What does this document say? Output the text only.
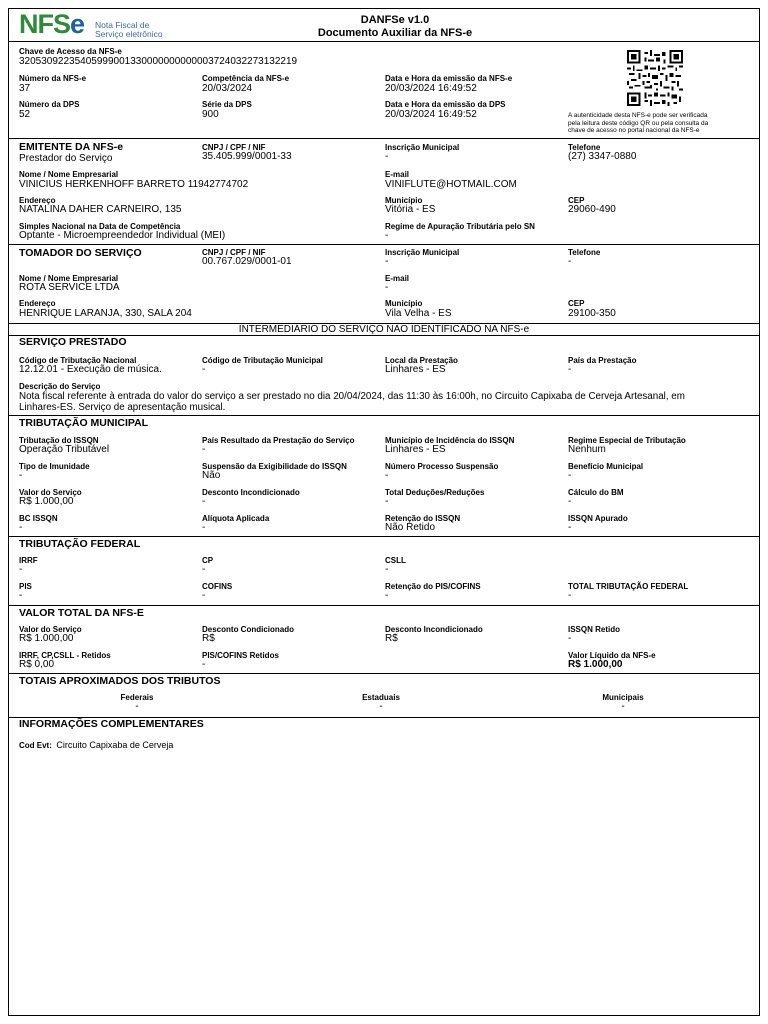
NFSe Nota Fiscal de
Serviço eletrônico
DANFSe v1.0
Documento Auxiliar da NFS-e
Chave de Acesso da NFS-e
32053092235405999001330000000000003724032273132219
Número da NFS-e
37
Competência da NFS-e
20/03/2024
Data e Hora da emissão da NFS-e
20/03/2024 16:49:52
Número da DPS
52
Série da DPS
900
Data e Hora da emissão da DPS
20/03/2024 16:49:52	A autenticidade desta NFS-e pode ser verificada
pela leitura deste código QR ou pela consulta da
chave de acesso no portal nacional da NFS-e
EMITENTE DA NFS-e
Prestador do Serviço
CNPJ / CPF / NIF
35.405.999/0001-33
Inscrição Municipal
-
Telefone
(27) 3347-0880
Nome / Nome Empresarial
VINICIUS HERKENHOFF BARRETO 11942774702
E-mail
VINIFLUTE@HOTMAIL.COM
Endereço
NATALINA DAHER CARNEIRO, 135
Município
Vitória - ES
CEP
29060-490
Simples Nacional na Data de Competência
Optante - Microempreendedor Individual (MEI)
Regime de Apuração Tributária pelo SN
-
TOMADOR DO SERVIÇO	CNPJ / CPF / NIF
00.767.029/0001-01
Inscrição Municipal
-
Telefone
-
Nome / Nome Empresarial
ROTA SERVICE LTDA
E-mail
-
Endereço
HENRIQUE LARANJA, 330, SALA 204
Município
Vila Velha - ES
CEP
29100-350
INTERMEDIÁRIO DO SERVIÇO NÃO IDENTIFICADO NA NFS-e
SERVIÇO PRESTADO
Código de Tributação Nacional
12.12.01 - Execução de música.
Código de Tributação Municipal
-
Local da Prestação
Linhares - ES
País da Prestação
-
Descrição do Serviço
Nota fiscal referente à entrada do valor do serviço a ser prestado no dia 20/04/2024, das 11:30 às 16:00h, no Circuito Capixaba de Cerveja Artesanal, em
Linhares-ES. Serviço de apresentação musical.
TRIBUTAÇÃO MUNICIPAL
Tributação do ISSQN
Operação Tributável
País Resultado da Prestação do Serviço
-
Município de Incidência do ISSQN
Linhares - ES
Regime Especial de Tributação
Nenhum
Tipo de Imunidade
-
Suspensão da Exigibilidade do ISSQN
Não
Número Processo Suspensão
-
Benefício Municipal
-
Valor do Serviço
R$ 1.000,00
Desconto Incondicionado
-
Total Deduções/Reduções
-
Cálculo do BM
-
BC ISSQN
-
Alíquota Aplicada
-
Retenção do ISSQN
Não Retido
ISSQN Apurado
-
TRIBUTAÇÃO FEDERAL
IRRF
-
CP
-
CSLL
-
PIS
-
COFINS
-
Retenção do PIS/COFINS
-
TOTAL TRIBUTAÇÃO FEDERAL
-
VALOR TOTAL DA NFS-E
Valor do Serviço
R$ 1.000,00
Desconto Condicionado
R$
Desconto Incondicionado
R$
ISSQN Retido
-
IRRF, CP,CSLL - Retidos
R$ 0,00
PIS/COFINS Retidos
-
Valor Líquido da NFS-e
R$ 1.000,00
TOTAIS APROXIMADOS DOS TRIBUTOS
Federais
-
Estaduais
-
Municipais
-
INFORMAÇÕES COMPLEMENTARES
Cod Evt: Circuito Capixaba de Cerveja
